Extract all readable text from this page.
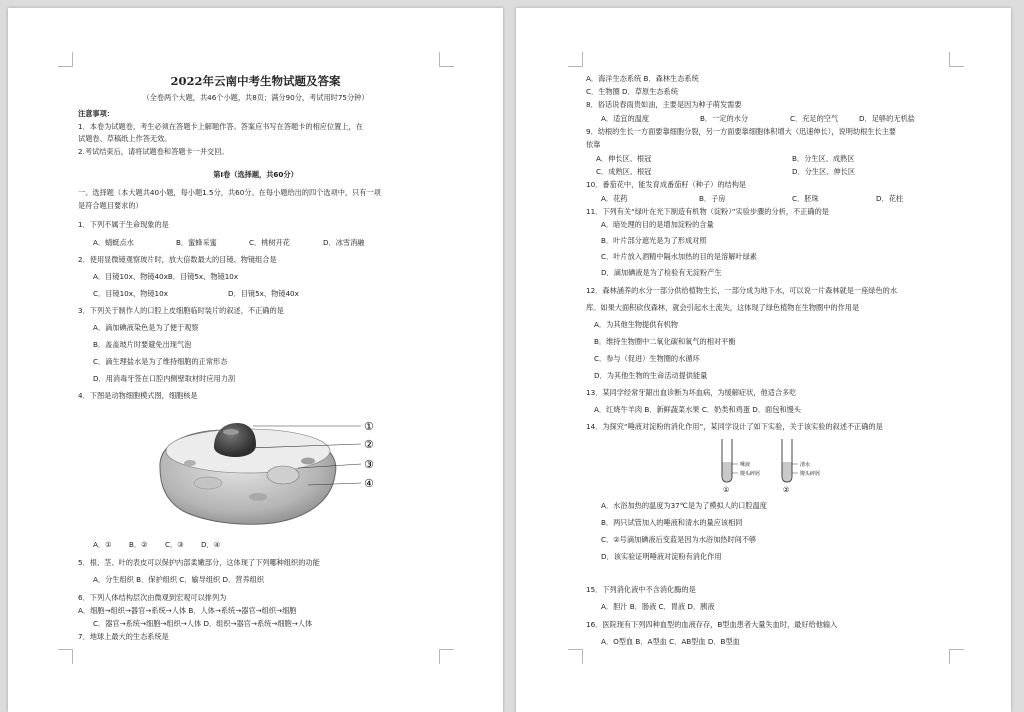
2022年云南中考生物试题及答案
（全卷两个大题，共46个小题，共8页；满分90分，考试用时75分钟）
注意事项：
1．本卷为试题卷，考生必须在答题卡上解题作答。答案应书写在答题卡的相应位置上，在
试题卷、草稿纸上作答无效。
2.考试结束后，请将试题卷和答题卡一并交回。
第Ⅰ卷（选择题，共60分）
一、选择题（本大题共40小题，每小题1.5分，共60分。在每小题给出的四个选项中，只有一项
是符合题目要求的）
1．下列不属于生命现象的是
A．蜻蜓点水	B．蜜蜂采蜜	C．桃树开花	D．冰雪消融
2．使用显微镜观察玻片时，放大倍数最大的目镜、物镜组合是
A．目镜10x、物镜40xB．目镜5x、物镜10x
C．目镜10x、物镜10x	D．目镜5x、物镜40x
3．下列关于制作人的口腔上皮细胞临时装片的叙述，不正确的是
A．滴加碘液染色是为了便于观察
B．盖盖玻片时要避免出现气泡
C．滴生理盐水是为了维持细胞的正常形态
D．用消毒牙签在口腔内侧壁取材时应用力刮
4．下图是动物细胞模式图，细胞核是
①
②
③
④
A．① B．② C．③ D．④
5．根、茎、叶的表皮可以保护内部柔嫩部分，这体现了下列哪种组织的功能
A．分生组织 B．保护组织 C．输导组织 D．营养组织
6．下列人体结构层次由微观到宏观可以排列为
A．细胞→组织→器官→系统→人体 B．人体→系统→器官→组织→细胞
C．器官→系统→细胞→组织→人体 D．组织→器官→系统→细胞→人体
7．地球上最大的生态系统是
A．海洋生态系统 B．森林生态系统
C．生物圈 D．草原生态系统
8．俗话说春雨贵如油，主要是因为种子萌发需要
A．适宜的温度	B．一定的水分	C．充足的空气	D．足够的无机盐
9．幼根的生长一方面要靠细胞分裂，另一方面要靠细胞体积增大（迅速伸长），说明幼根生长主要
依靠
A．伸长区、根冠	B．分生区、成熟区
C．成熟区、根冠	D．分生区、伸长区
10．番茄花中，能发育成番茄籽（种子）的结构是
A．花药	B．子房	C．胚珠	D．花柱
11．下列有关“绿叶在光下制造有机物（淀粉）”实验步骤的分析，不正确的是
A．暗处理的目的是增加淀粉的含量
B．叶片部分遮光是为了形成对照
C．叶片放入酒精中隔水加热的目的是溶解叶绿素
D．滴加碘液是为了检验有无淀粉产生
12．森林涵养的水分一部分供给植物生长，一部分成为地下水，可以说一片森林就是一座绿色的水
库。如果大面积砍伐森林，就会引起水土流失，这体现了绿色植物在生物圈中的作用是
A．为其他生物提供有机物
B．维持生物圈中二氧化碳和氧气的相对平衡
C．参与（促进）生物圈的水循环
D．为其他生物的生命活动提供能量
13．某同学经常牙龈出血诊断为坏血病，为缓解症状，他适合多吃
A．红烧牛羊肉 B．新鲜蔬菜水果 C．奶类和鸡蛋 D．面包和馒头
14．为探究“唾液对淀粉的消化作用”，某同学设计了如下实验，关于该实验的叙述不正确的是
唾液
馒头碎屑
①
清水
馒头碎屑
②
A．水浴加热的温度为37℃是为了模拟人的口腔温度
B．两只试管加入的唾液和清水的量应该相同
C．②号滴加碘液后变蓝是因为水浴加热时间不够
D．该实验证明唾液对淀粉有消化作用
15．下列消化液中不含消化酶的是
A．胆汁 B．肠液 C．胃液 D．胰液
16．医院现有下列四种血型的血液存存，B型血患者大量失血时，最好给他输入
A．O型血 B．A型血 C．AB型血 D．B型血
